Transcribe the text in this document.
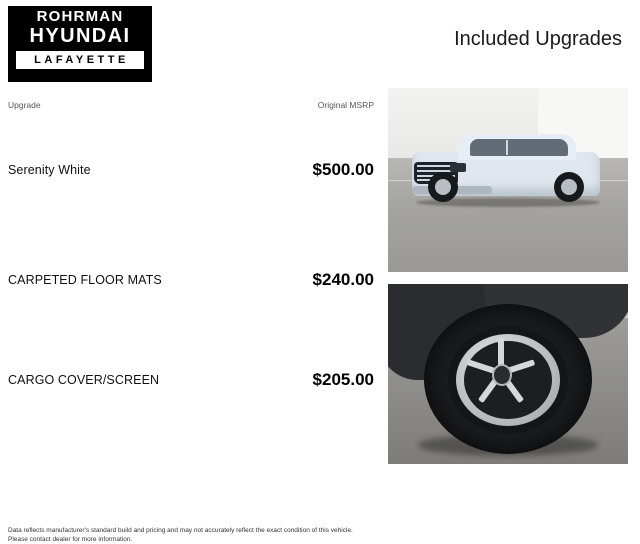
ROHRMAN
HYUNDAI
LAFAYETTE
Included Upgrades
Upgrade	Original MSRP
Serenity White	$500.00
CARPETED FLOOR MATS	$240.00
CARGO COVER/SCREEN	$205.00
Data reflects manufacturer's standard build and pricing and may not accurately reflect the exact condition of this vehicle.
Please contact dealer for more information.
